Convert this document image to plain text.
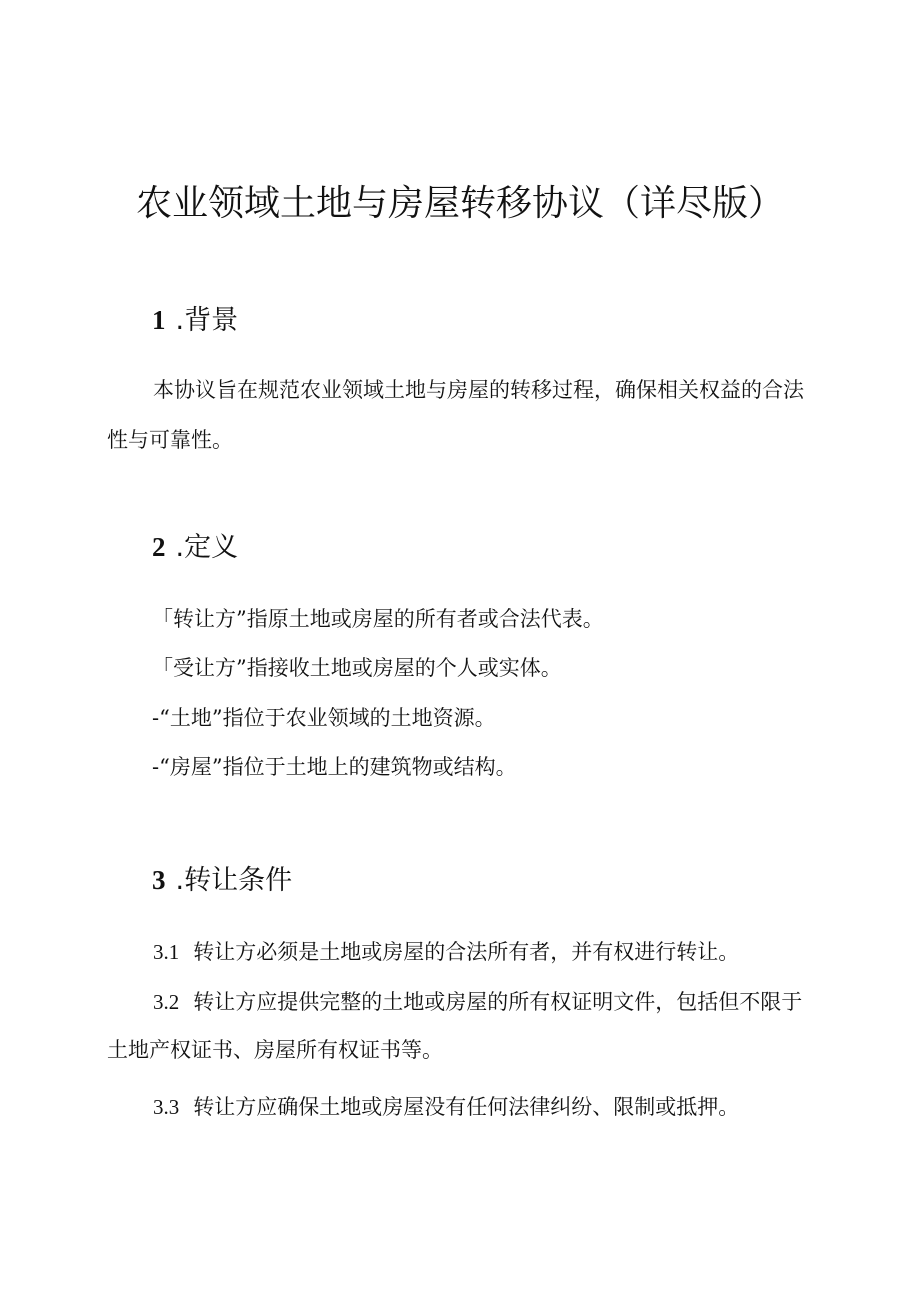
农业领域土地与房屋转移协议（详尽版）
1 .背景

本协议旨在规范农业领域土地与房屋的转移过程，确保相关权益的合法性与可靠性。

2 .定义

「转让方”指原土地或房屋的所有者或合法代表。

「受让方”指接收土地或房屋的个人或实体。

-“土地”指位于农业领域的土地资源。

-“房屋”指位于土地上的建筑物或结构。

3 .转让条件

3.1 转让方必须是土地或房屋的合法所有者，并有权进行转让。

3.2 转让方应提供完整的土地或房屋的所有权证明文件，包括但不限于土地产权证书、房屋所有权证书等。

3.3 转让方应确保土地或房屋没有任何法律纠纷、限制或抵押。
